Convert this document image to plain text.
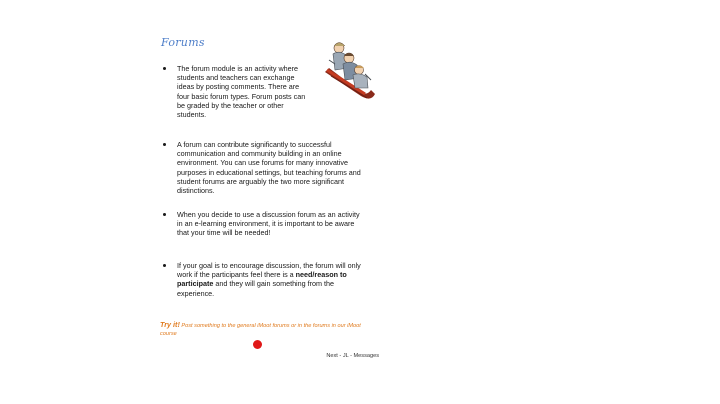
Forums
The forum module is an activity where students and teachers can exchange ideas by posting comments. There are four basic forum types. Forum posts can be graded by the teacher or other students.
A forum can contribute significantly to successful communication and community building in an online environment. You can use forums for many innovative purposes in educational settings, but teaching forums and student forums are arguably the two more significant distinctions.
When you decide to use a discussion forum as an activity in an e-learning environment, it is important to be aware that your time will be needed!
If your goal is to encourage discussion, the forum will only work if the participants feel there is a need/reason to participate and they will gain something from the experience.
Try it! Post something to the general iMoot forums or in the forums in our iMoot course
Next - JL - Messages
